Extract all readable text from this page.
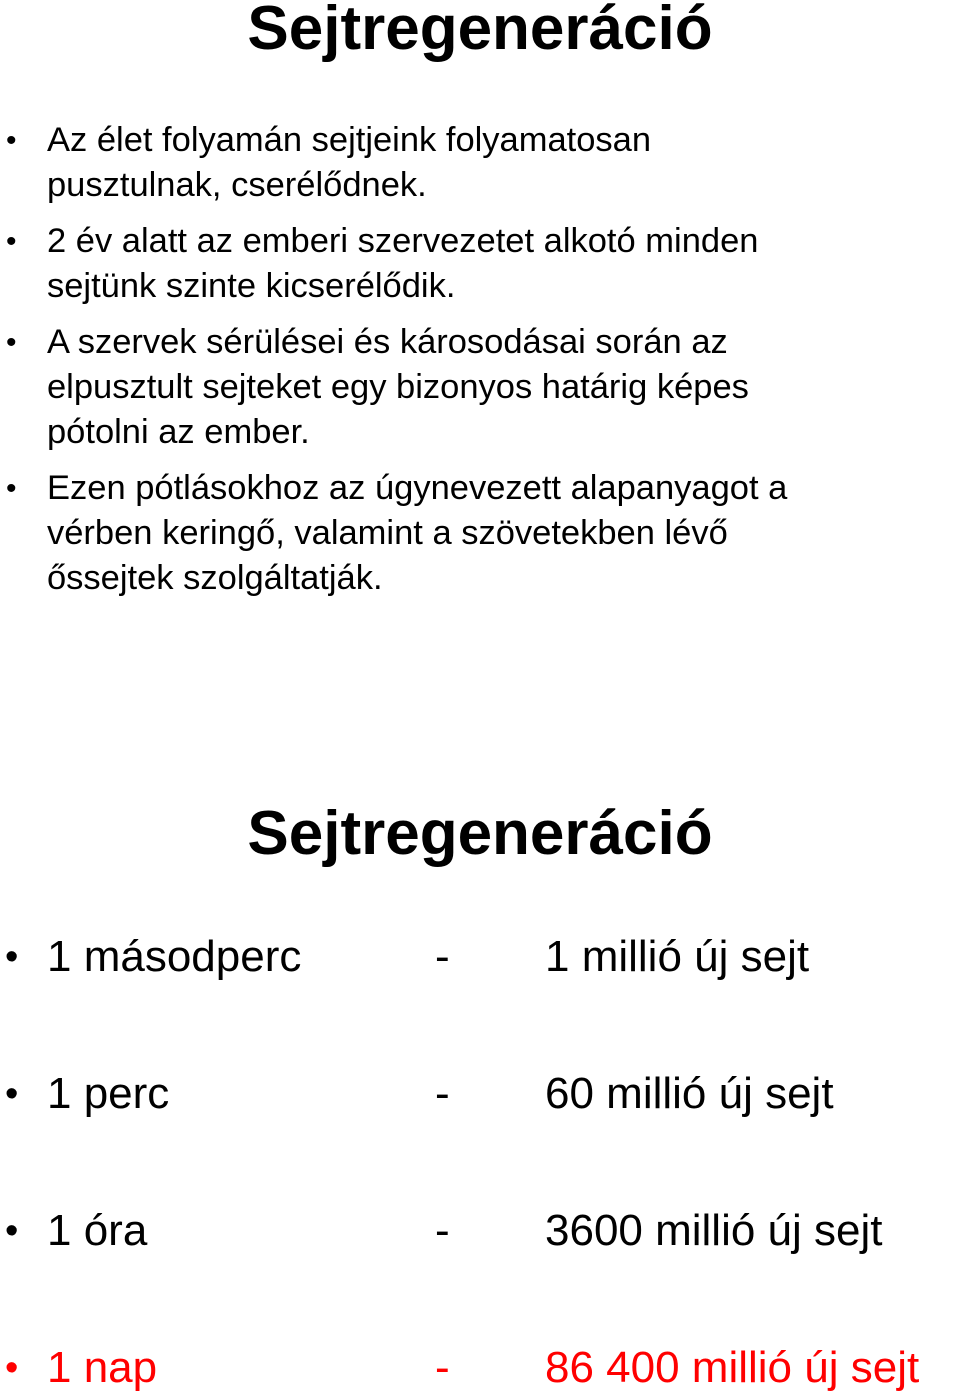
Sejtregeneráció
• Az élet folyamán sejtjeink folyamatosan
pusztulnak, cserélődnek.
• 2 év alatt az emberi szervezetet alkotó minden
sejtünk szinte kicserélődik.
• A szervek sérülései és károsodásai során az
elpusztult sejteket egy bizonyos határig képes
pótolni az ember.
• Ezen pótlásokhoz az úgynevezett alapanyagot a
vérben keringő, valamint a szövetekben lévő
őssejtek szolgáltatják.
Sejtregeneráció
• 1 másodperc	- 1 millió új sejt
• 1 perc	- 60 millió új sejt
• 1 óra	- 3600 millió új sejt
• 1 nap	- 86 400 millió új sejt
